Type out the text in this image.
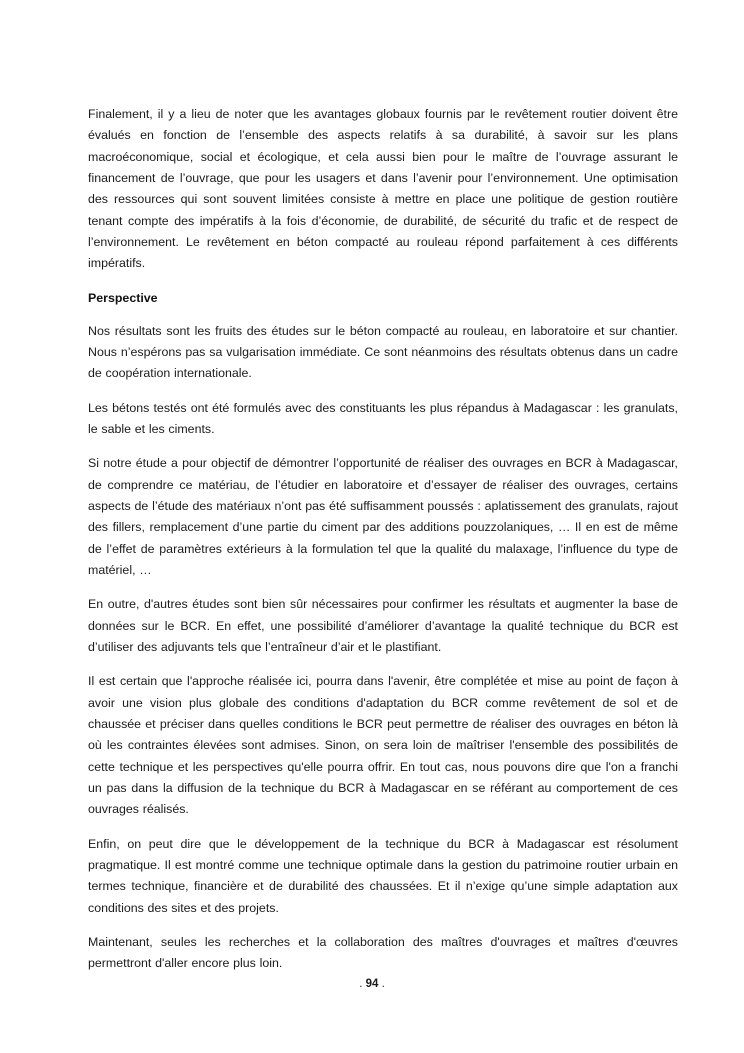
Finalement, il y a lieu de noter que les avantages globaux fournis par le revêtement routier doivent être évalués en fonction de l’ensemble des aspects relatifs à sa durabilité, à savoir sur les plans macroéconomique, social et écologique, et cela aussi bien pour le maître de l’ouvrage assurant le financement de l’ouvrage, que pour les usagers et dans l’avenir pour l’environnement. Une optimisation des ressources qui sont souvent limitées consiste à mettre en place une politique de gestion routière tenant compte des impératifs à la fois d’économie, de durabilité, de sécurité du trafic et de respect de l’environnement. Le revêtement en béton compacté au rouleau répond parfaitement à ces différents impératifs.

Perspective

Nos résultats sont les fruits des études sur le béton compacté au rouleau, en laboratoire et sur chantier. Nous n’espérons pas sa vulgarisation immédiate. Ce sont néanmoins des résultats obtenus dans un cadre de coopération internationale.

Les bétons testés ont été formulés avec des constituants les plus répandus à Madagascar : les granulats, le sable et les ciments.

Si notre étude a pour objectif de démontrer l’opportunité de réaliser des ouvrages en BCR à Madagascar, de comprendre ce matériau, de l’étudier en laboratoire et d’essayer de réaliser des ouvrages, certains aspects de l’étude des matériaux n’ont pas été suffisamment poussés : aplatissement des granulats, rajout des fillers, remplacement d’une partie du ciment par des additions pouzzolaniques, … Il en est de même de l’effet de paramètres extérieurs à la formulation tel que la qualité du malaxage, l’influence du type de matériel, …

En outre, d'autres études sont bien sûr nécessaires pour confirmer les résultats et augmenter la base de données sur le BCR. En effet, une possibilité d’améliorer d’avantage la qualité technique du BCR est d’utiliser des adjuvants tels que l’entraîneur d’air et le plastifiant.

Il est certain que l'approche réalisée ici, pourra dans l'avenir, être complétée et mise au point de façon à avoir une vision plus globale des conditions d'adaptation du BCR comme revêtement de sol et de chaussée et préciser dans quelles conditions le BCR peut permettre de réaliser des ouvrages en béton là où les contraintes élevées sont admises. Sinon, on sera loin de maîtriser l'ensemble des possibilités de cette technique et les perspectives qu'elle pourra offrir. En tout cas, nous pouvons dire que l'on a franchi un pas dans la diffusion de la technique du BCR à Madagascar en se référant au comportement de ces ouvrages réalisés.

Enfin, on peut dire que le développement de la technique du BCR à Madagascar est résolument pragmatique. Il est montré comme une technique optimale dans la gestion du patrimoine routier urbain en termes technique, financière et de durabilité des chaussées. Et il n’exige qu’une simple adaptation aux conditions des sites et des projets.

Maintenant, seules les recherches et la collaboration des maîtres d'ouvrages et maîtres d'œuvres permettront d'aller encore plus loin.

. 94 .
